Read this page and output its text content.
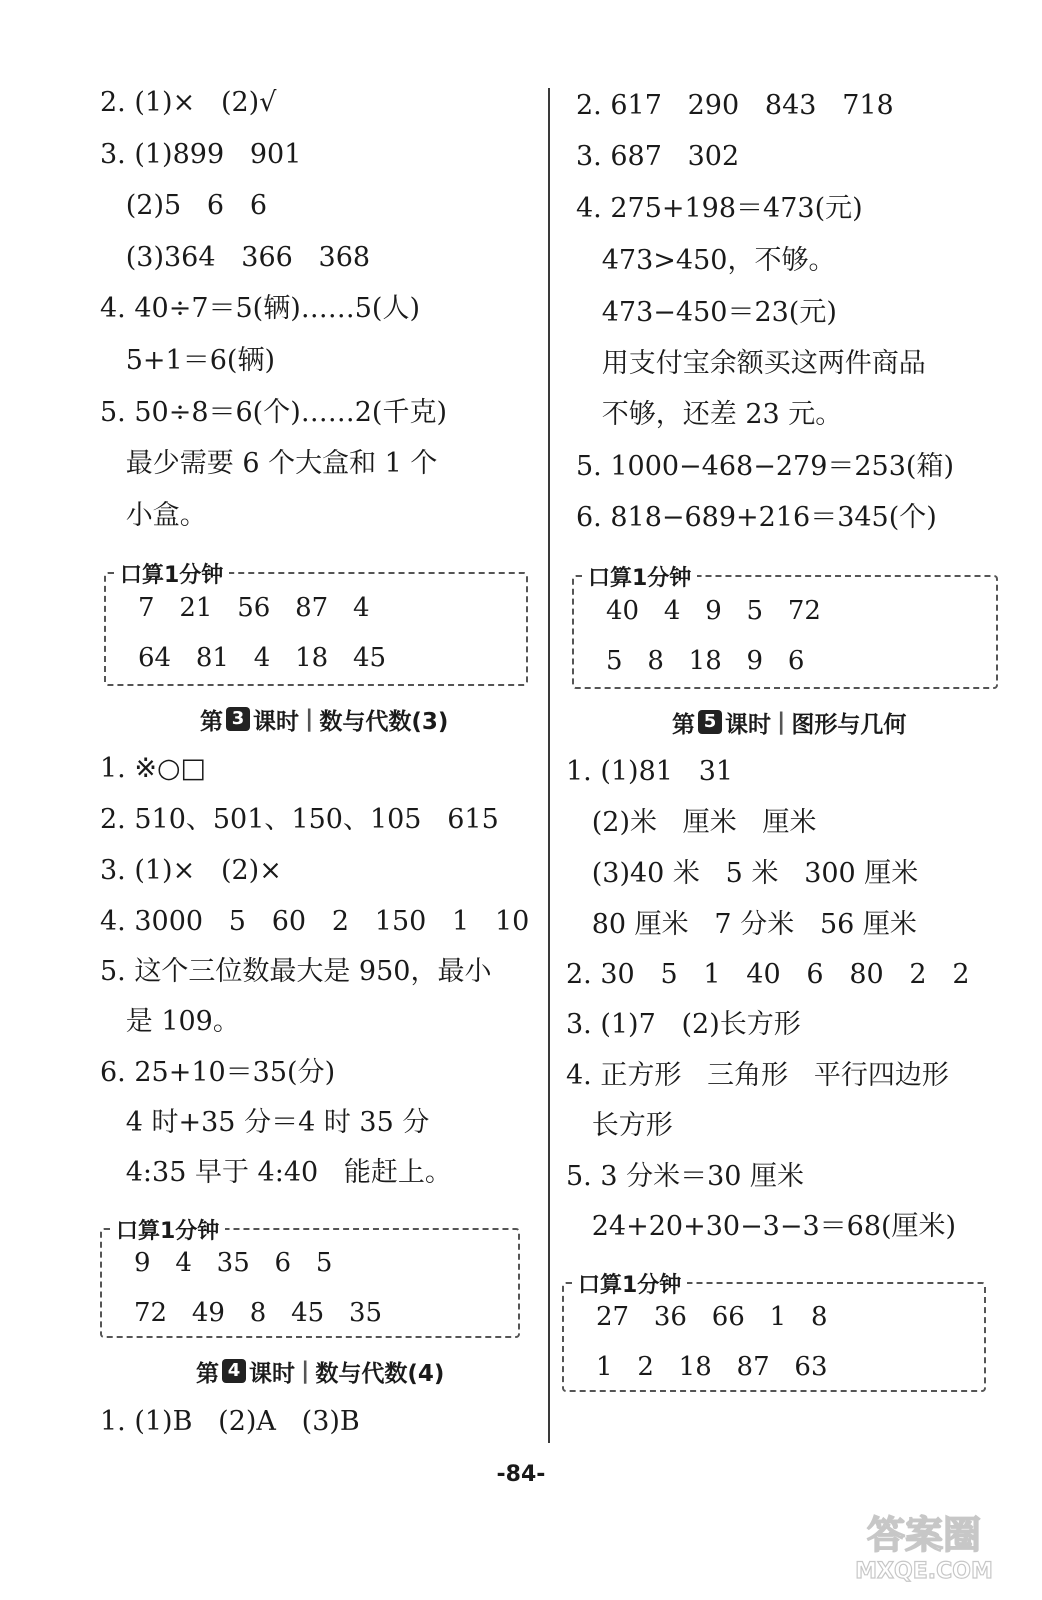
2. (1)×   (2)√
3. (1)899   901
(2)5   6   6
(3)364   366   368
4. 40÷7＝5(辆)……5(人)
5+1＝6(辆)
5. 50÷8＝6(个)……2(千克)
最少需要 6 个大盒和 1 个
小盒。
口算1分钟
7   21   56   87   4
64   81   4   18   45
第 3 课时 | 数与代数(3)
1. ※○□
2. 510、501、150、105   615
3. (1)×   (2)×
4. 3000   5   60   2   150   1   10
5. 这个三位数最大是 950，最小
是 109。
6. 25+10＝35(分)
4 时+35 分＝4 时 35 分
4:35 早于 4:40   能赶上。
口算1分钟
9   4   35   6   5
72   49   8   45   35
第 4 课时 | 数与代数(4)
1. (1)B   (2)A   (3)B
2. 617   290   843   718
3. 687   302
4. 275+198＝473(元)
473>450，不够。
473−450＝23(元)
用支付宝余额买这两件商品
不够，还差 23 元。
5. 1000−468−279＝253(箱)
6. 818−689+216＝345(个)
口算1分钟
40   4   9   5   72
5   8   18   9   6
第 5 课时 | 图形与几何
1. (1)81   31
(2)米   厘米   厘米
(3)40 米   5 米   300 厘米
80 厘米   7 分米   56 厘米
2. 30   5   1   40   6   80   2   2
3. (1)7   (2)长方形
4. 正方形   三角形   平行四边形
长方形
5. 3 分米＝30 厘米
24+20+30−3−3＝68(厘米)
口算1分钟
27   36   66   1   8
1   2   18   87   63
-84-
答案圈
MXQE.COM
